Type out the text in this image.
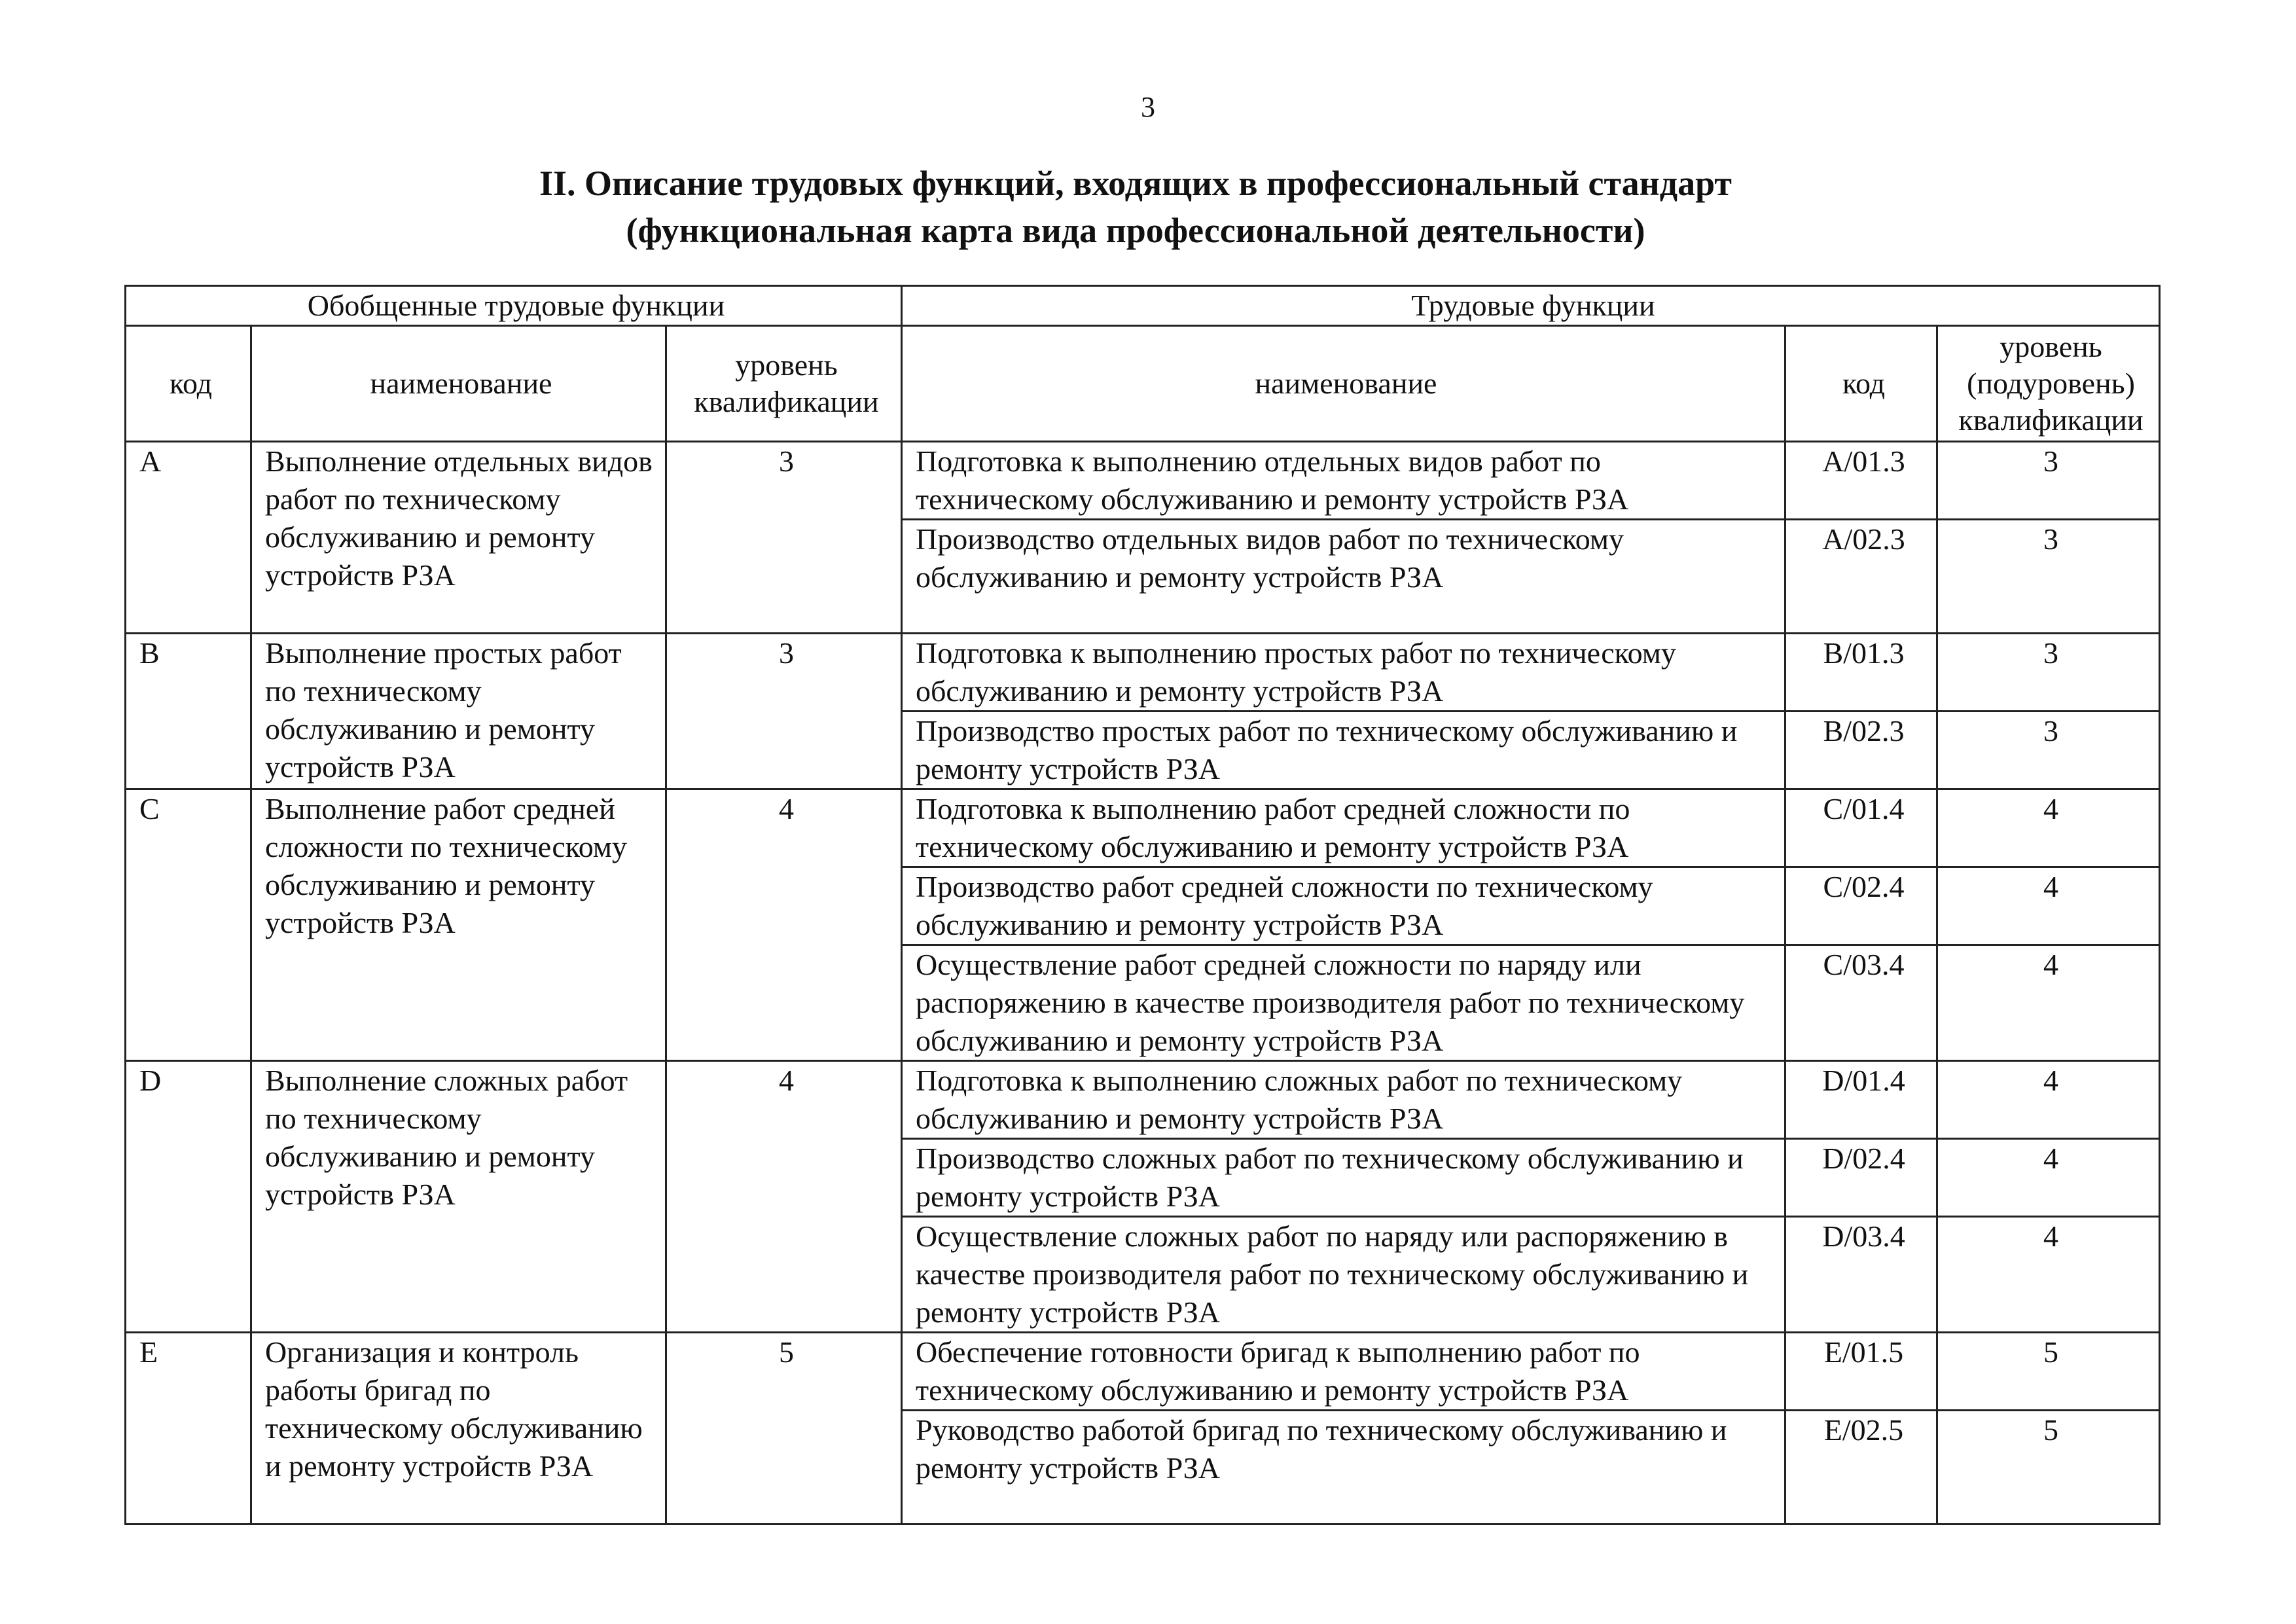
3
II. Описание трудовых функций, входящих в профессиональный стандарт
(функциональная карта вида профессиональной деятельности)
Обобщенные трудовые функции			Трудовые функции		
код	наименование	уровень квалификации	наименование	код	уровень (подуровень) квалификации
A	Выполнение отдельных видов работ по техническому обслуживанию и ремонту устройств РЗА	3	Подготовка к выполнению отдельных видов работ по техническому обслуживанию и ремонту устройств РЗА	A/01.3	3
			Производство отдельных видов работ по техническому обслуживанию и ремонту устройств РЗА	A/02.3	3
B	Выполнение простых работ по техническому обслуживанию и ремонту устройств РЗА	3	Подготовка к выполнению простых работ по техническому обслуживанию и ремонту устройств РЗА	B/01.3	3
			Производство простых работ по техническому обслуживанию и ремонту устройств РЗА	B/02.3	3
C	Выполнение работ средней сложности по техническому обслуживанию и ремонту устройств РЗА	4	Подготовка к выполнению работ средней сложности по техническому обслуживанию и ремонту устройств РЗА	C/01.4	4
			Производство работ средней сложности по техническому обслуживанию и ремонту устройств РЗА	C/02.4	4
			Осуществление работ средней сложности по наряду или распоряжению в качестве производителя работ по техническому обслуживанию и ремонту устройств РЗА	C/03.4	4
D	Выполнение сложных работ по техническому обслуживанию и ремонту устройств РЗА	4	Подготовка к выполнению сложных работ по техническому обслуживанию и ремонту устройств РЗА	D/01.4	4
			Производство сложных работ по техническому обслуживанию и ремонту устройств РЗА	D/02.4	4
			Осуществление сложных работ по наряду или распоряжению в качестве производителя работ по техническому обслуживанию и ремонту устройств РЗА	D/03.4	4
E	Организация и контроль работы бригад по техническому обслуживанию и ремонту устройств РЗА	5	Обеспечение готовности бригад к выполнению работ по техническому обслуживанию и ремонту устройств РЗА	E/01.5	5
			Руководство работой бригад по техническому обслуживанию и ремонту устройств РЗА	E/02.5	5
